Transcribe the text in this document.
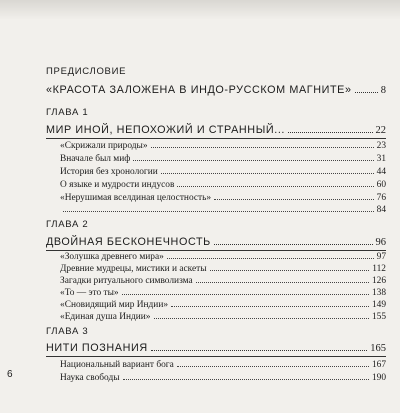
ПРЕДИСЛОВИЕ
«КРАСОТА ЗАЛОЖЕНА В ИНДО-РУССКОМ МАГНИТЕ»	8
ГЛАВА 1
МИР ИНОЙ, НЕПОХОЖИЙ И СТРАННЫЙ...	22
«Скрижали природы»	23
Вначале был миф	31
История без хронологии	44
О языке и мудрости индусов	60
«Нерушимая вселдиная целостность»	76
84
ГЛАВА 2
ДВОЙНАЯ БЕСКОНЕЧНОСТЬ	96
«Золушка древнего мира»	97
Древние мудрецы, мистики и аскеты	112
Загадки ритуального символизма	126
«То — это ты»	138
«Сновидящий мир Индии»	149
«Единая душа Индии»	155
ГЛАВА 3
НИТИ ПОЗНАНИЯ	165
Национальный вариант бога	167
Наука свободы	190
6
